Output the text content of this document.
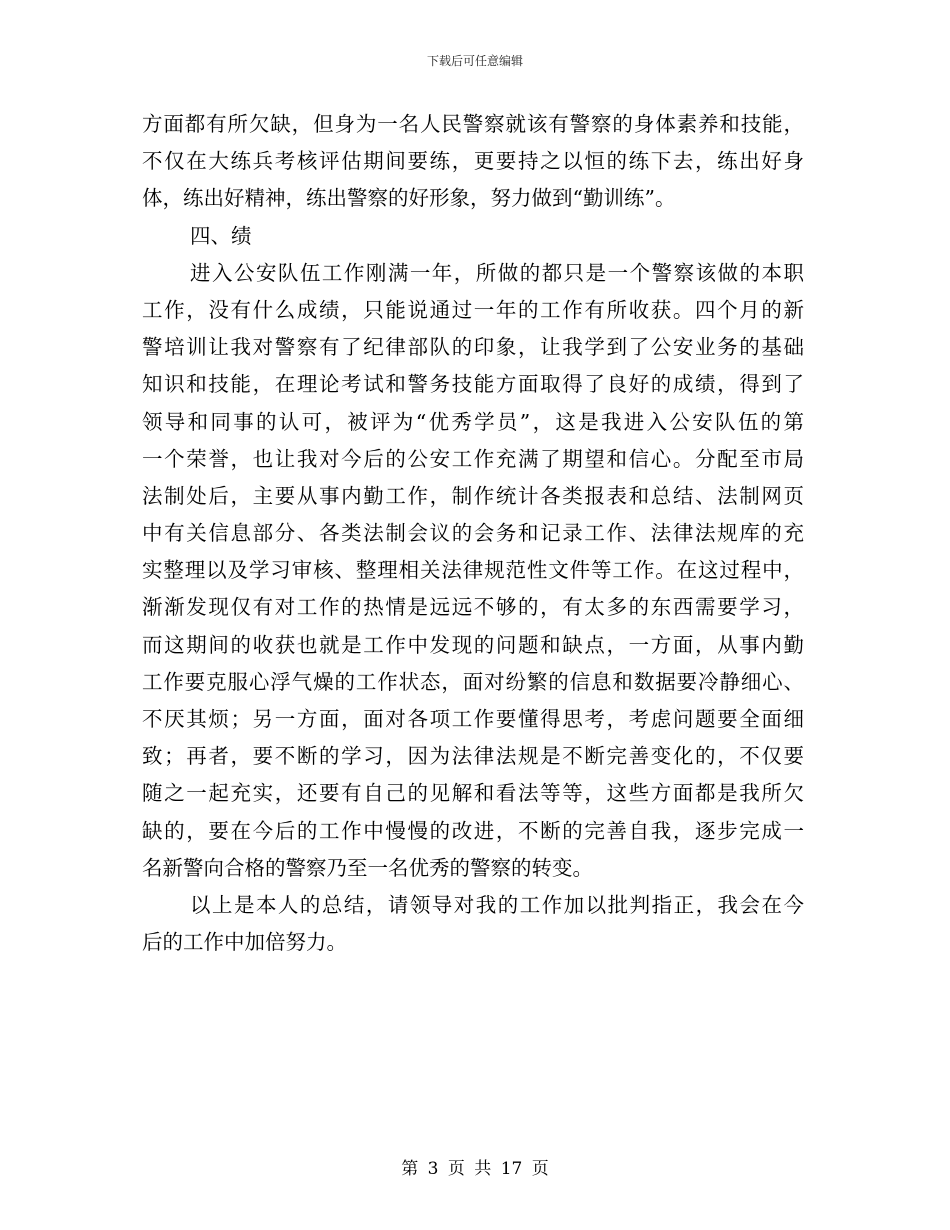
下载后可任意编辑
方面都有所欠缺，但身为一名人民警察就该有警察的身体素养和技能，
不仅在大练兵考核评估期间要练，更要持之以恒的练下去，练出好身
体，练出好精神，练出警察的好形象，努力做到“勤训练”。
四、绩
进入公安队伍工作刚满一年，所做的都只是一个警察该做的本职
工作，没有什么成绩，只能说通过一年的工作有所收获。四个月的新
警培训让我对警察有了纪律部队的印象，让我学到了公安业务的基础
知识和技能，在理论考试和警务技能方面取得了良好的成绩，得到了
领导和同事的认可，被评为“优秀学员”，这是我进入公安队伍的第
一个荣誉，也让我对今后的公安工作充满了期望和信心。分配至市局
法制处后，主要从事内勤工作，制作统计各类报表和总结、法制网页
中有关信息部分、各类法制会议的会务和记录工作、法律法规库的充
实整理以及学习审核、整理相关法律规范性文件等工作。在这过程中，
渐渐发现仅有对工作的热情是远远不够的，有太多的东西需要学习，
而这期间的收获也就是工作中发现的问题和缺点，一方面，从事内勤
工作要克服心浮气燥的工作状态，面对纷繁的信息和数据要冷静细心、
不厌其烦；另一方面，面对各项工作要懂得思考，考虑问题要全面细
致；再者，要不断的学习，因为法律法规是不断完善变化的，不仅要
随之一起充实，还要有自己的见解和看法等等，这些方面都是我所欠
缺的，要在今后的工作中慢慢的改进，不断的完善自我，逐步完成一
名新警向合格的警察乃至一名优秀的警察的转变。
以上是本人的总结，请领导对我的工作加以批判指正，我会在今
后的工作中加倍努力。
第 3 页 共 17 页
